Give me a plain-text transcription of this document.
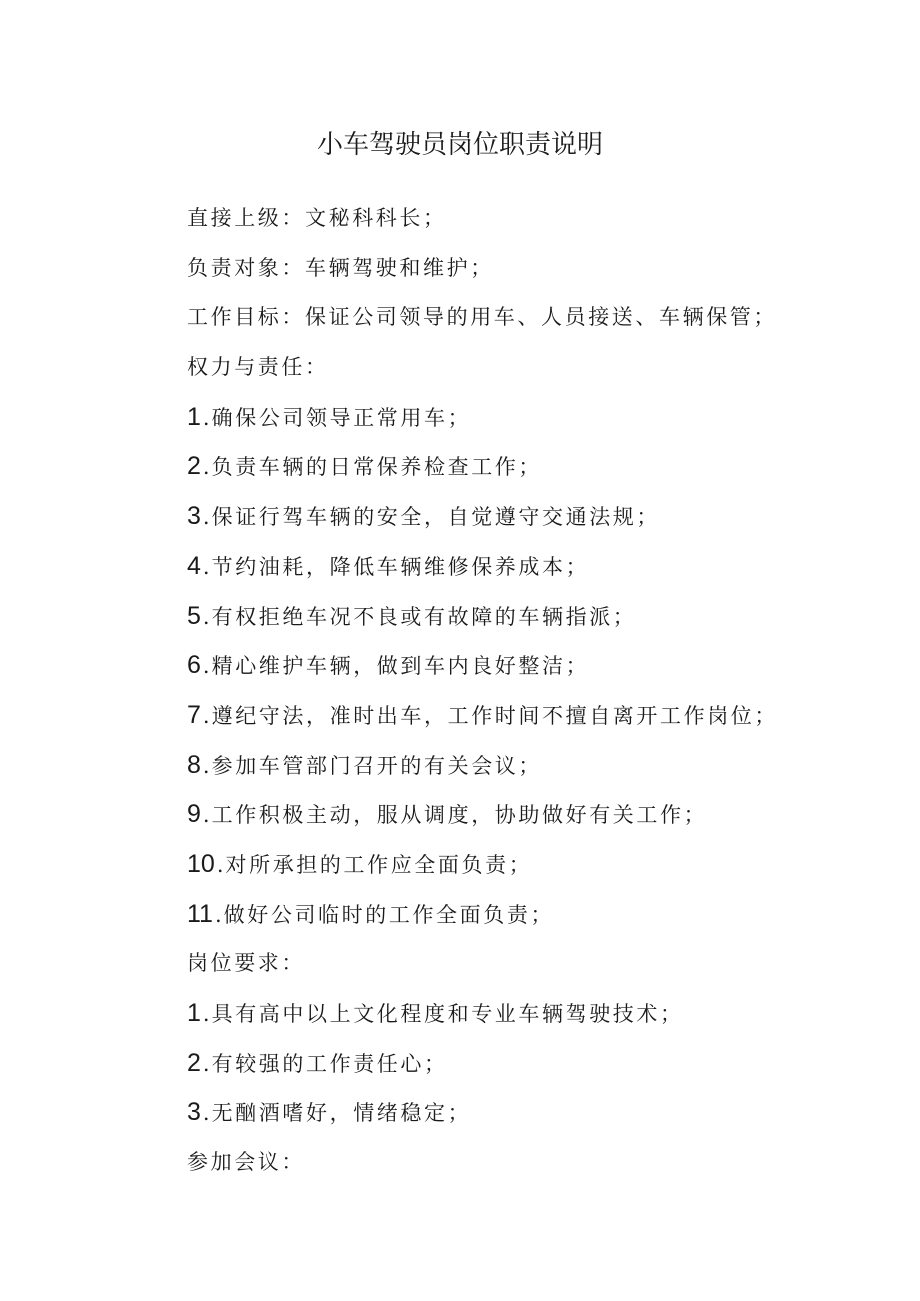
小车驾驶员岗位职责说明
直接上级：文秘科科长；
负责对象：车辆驾驶和维护；
工作目标：保证公司领导的用车、人员接送、车辆保管；
权力与责任：
1.确保公司领导正常用车；
2.负责车辆的日常保养检查工作；
3.保证行驾车辆的安全，自觉遵守交通法规；
4.节约油耗，降低车辆维修保养成本；
5.有权拒绝车况不良或有故障的车辆指派；
6.精心维护车辆，做到车内良好整洁；
7.遵纪守法，准时出车，工作时间不擅自离开工作岗位；
8.参加车管部门召开的有关会议；
9.工作积极主动，服从调度，协助做好有关工作；
10.对所承担的工作应全面负责；
11.做好公司临时的工作全面负责；
岗位要求：
1.具有高中以上文化程度和专业车辆驾驶技术；
2.有较强的工作责任心；
3.无酗酒嗜好，情绪稳定；
参加会议：
